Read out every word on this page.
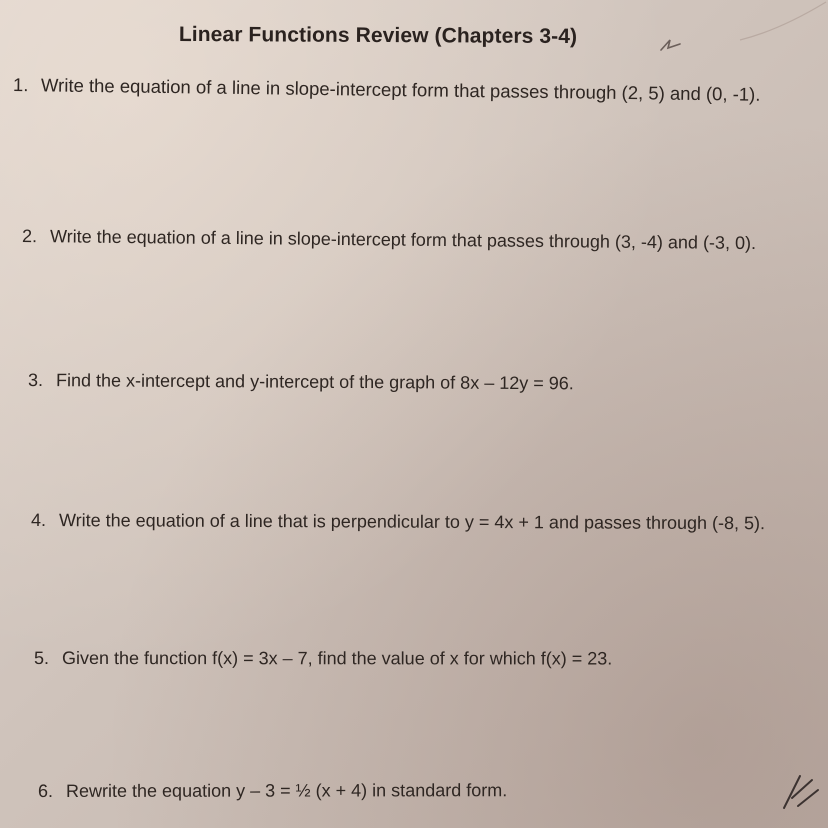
Linear Functions Review (Chapters 3-4)
1. Write the equation of a line in slope-intercept form that passes through (2, 5) and (0, -1).
2. Write the equation of a line in slope-intercept form that passes through (3, -4) and (-3, 0).
3. Find the x-intercept and y-intercept of the graph of 8x – 12y = 96.
4. Write the equation of a line that is perpendicular to y = 4x + 1 and passes through (-8, 5).
5. Given the function f(x) = 3x – 7, find the value of x for which f(x) = 23.
6. Rewrite the equation y – 3 = ½ (x + 4) in standard form.
